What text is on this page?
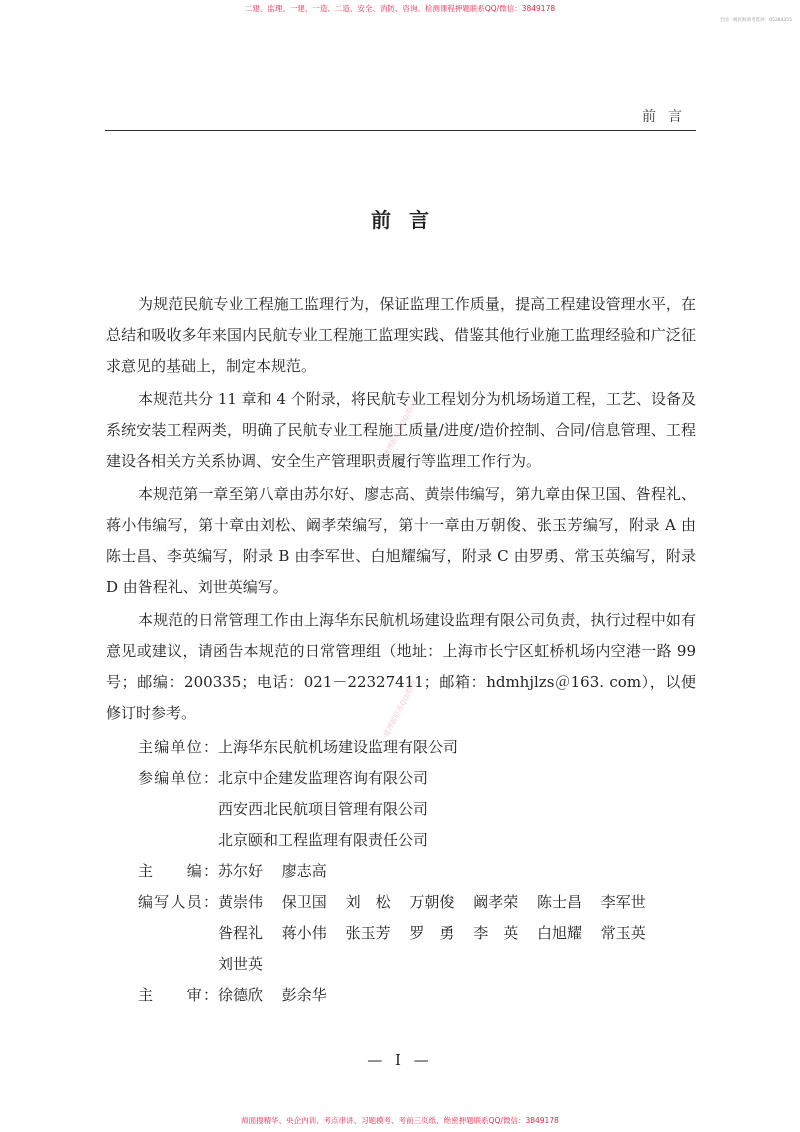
二建、监理、一建、一造、二造、安全、消防、咨询、检测课程押题联系QQ/微信：3849178
全国一级民航备考选择：05284355
前言
前言

为规范民航专业工程施工监理行为，保证监理工作质量，提高工程建设管理水平，在总结和吸收多年来国内民航专业工程施工监理实践、借鉴其他行业施工监理经验和广泛征求意见的基础上，制定本规范。

本规范共分 11 章和 4 个附录，将民航专业工程划分为机场场道工程，工艺、设备及系统安装工程两类，明确了民航专业工程施工质量/进度/造价控制、合同/信息管理、工程建设各相关方关系协调、安全生产管理职责履行等监理工作行为。

本规范第一章至第八章由苏尔好、廖志高、黄崇伟编写，第九章由保卫国、昝程礼、蒋小伟编写，第十章由刘松、阚孝荣编写，第十一章由万朝俊、张玉芳编写，附录 A 由陈士昌、李英编写，附录 B 由李军世、白旭耀编写，附录 C 由罗勇、常玉英编写，附录 D 由昝程礼、刘世英编写。

本规范的日常管理工作由上海华东民航机场建设监理有限公司负责，执行过程中如有意见或建议，请函告本规范的日常管理组（地址：上海市长宁区虹桥机场内空港一路 99 号；邮编：200335；电话：021－22327411；邮箱：hdmhjlzs＠163. com），以便修订时参考。

主编单位： 上海华东民航机场建设监理有限公司
参编单位： 北京中企建发监理咨询有限公司
西安西北民航项目管理有限公司
北京颐和工程监理有限责任公司
主　　编： 苏尔好 廖志高
编写人员： 黄崇伟 保卫国 刘　松 万朝俊 阚孝荣 陈士昌 李军世
昝程礼 蒋小伟 张玉芳 罗　勇 李　英 白旭耀 常玉英
刘世英
主　　审： 徐德欣 彭余华
— I —
师面搜精华、央企内训、考点串讲、习题模考、考前三页纸、绝密押题联系QQ/微信：3849178
一建押题联系QQ/微信
一建押题联系QQ/微信
